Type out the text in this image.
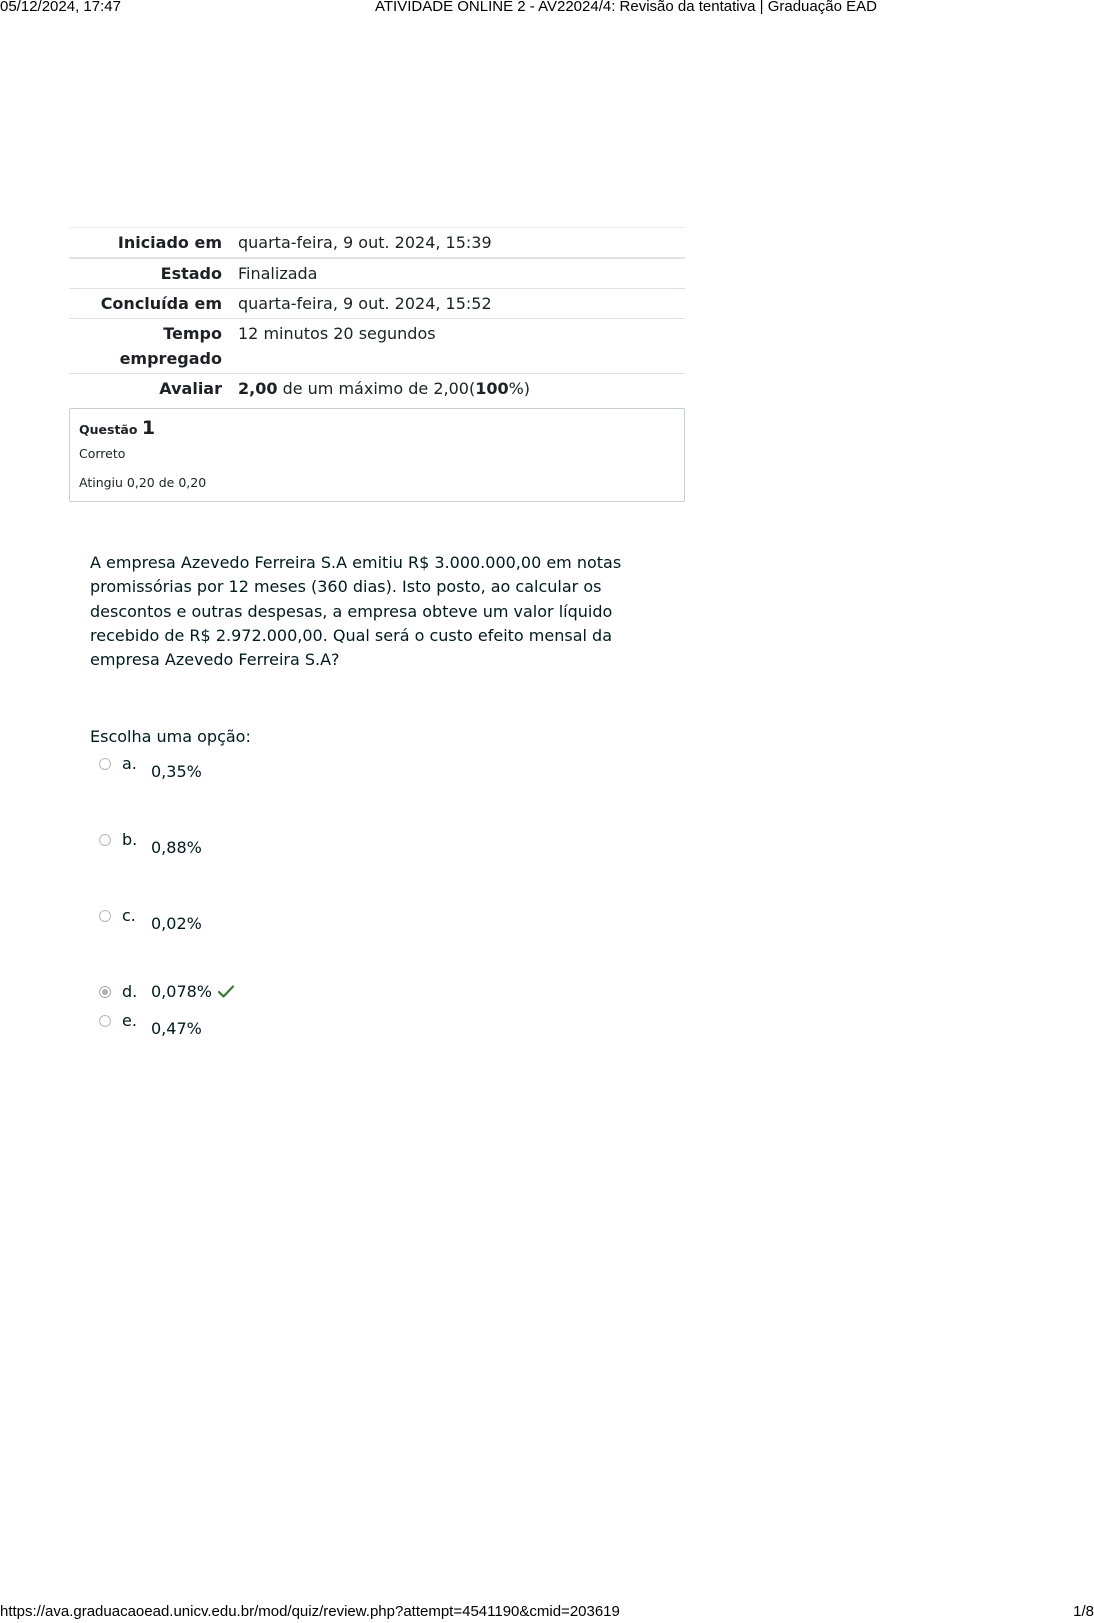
05/12/2024, 17:47	ATIVIDADE ONLINE 2 - AV22024/4: Revisão da tentativa | Graduação EAD
Iniciado em	quarta-feira, 9 out. 2024, 15:39
Estado	Finalizada
Concluída em	quarta-feira, 9 out. 2024, 15:52
Tempo
empregado	12 minutos 20 segundos
Avaliar	2,00 de um máximo de 2,00(100%)
Questão 1
Correto
Atingiu 0,20 de 0,20
A empresa Azevedo Ferreira S.A emitiu R$ 3.000.000,00 em notas promissórias por 12 meses (360 dias). Isto posto, ao calcular os descontos e outras despesas, a empresa obteve um valor líquido recebido de R$ 2.972.000,00. Qual será o custo efeito mensal da empresa Azevedo Ferreira S.A?
Escolha uma opção:
a. 0,35%
b. 0,88%
c. 0,02%
d. 0,078%
e. 0,47%
https://ava.graduacaoead.unicv.edu.br/mod/quiz/review.php?attempt=4541190&cmid=203619	1/8
